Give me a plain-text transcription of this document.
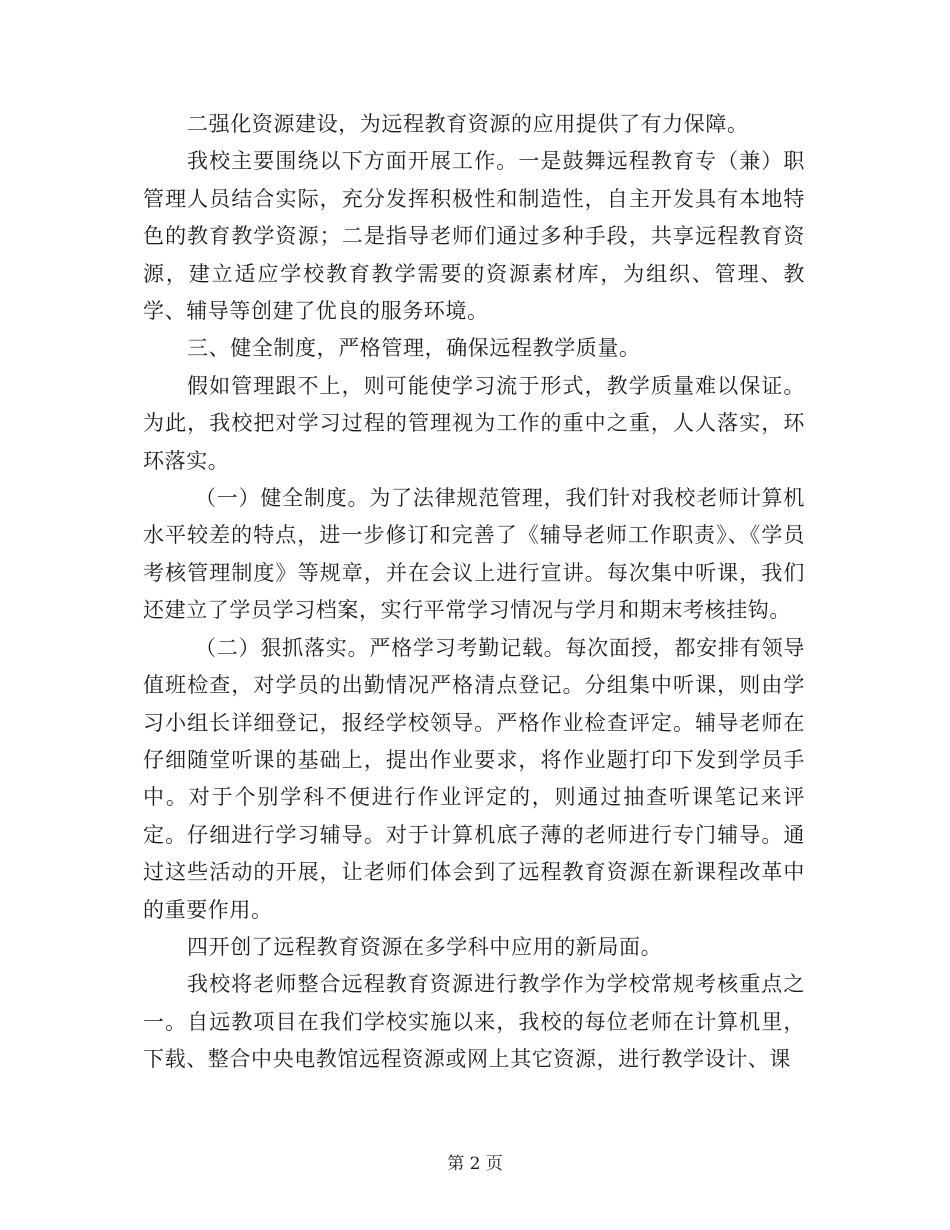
二强化资源建设，为远程教育资源的应用提供了有力保障。

我校主要围绕以下方面开展工作。一是鼓舞远程教育专（兼）职管理人员结合实际，充分发挥积极性和制造性，自主开发具有本地特色的教育教学资源；二是指导老师们通过多种手段，共享远程教育资源，建立适应学校教育教学需要的资源素材库，为组织、管理、教学、辅导等创建了优良的服务环境。

三、健全制度，严格管理，确保远程教学质量。

假如管理跟不上，则可能使学习流于形式，教学质量难以保证。为此，我校把对学习过程的管理视为工作的重中之重，人人落实，环环落实。

（一）健全制度。为了法律规范管理，我们针对我校老师计算机水平较差的特点，进一步修订和完善了《辅导老师工作职责》、《学员考核管理制度》等规章，并在会议上进行宣讲。每次集中听课，我们还建立了学员学习档案，实行平常学习情况与学月和期末考核挂钩。

（二）狠抓落实。严格学习考勤记载。每次面授，都安排有领导值班检查，对学员的出勤情况严格清点登记。分组集中听课，则由学习小组长详细登记，报经学校领导。严格作业检查评定。辅导老师在仔细随堂听课的基础上，提出作业要求，将作业题打印下发到学员手中。对于个别学科不便进行作业评定的，则通过抽查听课笔记来评定。仔细进行学习辅导。对于计算机底子薄的老师进行专门辅导。通过这些活动的开展，让老师们体会到了远程教育资源在新课程改革中的重要作用。

四开创了远程教育资源在多学科中应用的新局面。

我校将老师整合远程教育资源进行教学作为学校常规考核重点之一。自远教项目在我们学校实施以来，我校的每位老师在计算机里，下载、整合中央电教馆远程资源或网上其它资源，进行教学设计、课

第 2 页
